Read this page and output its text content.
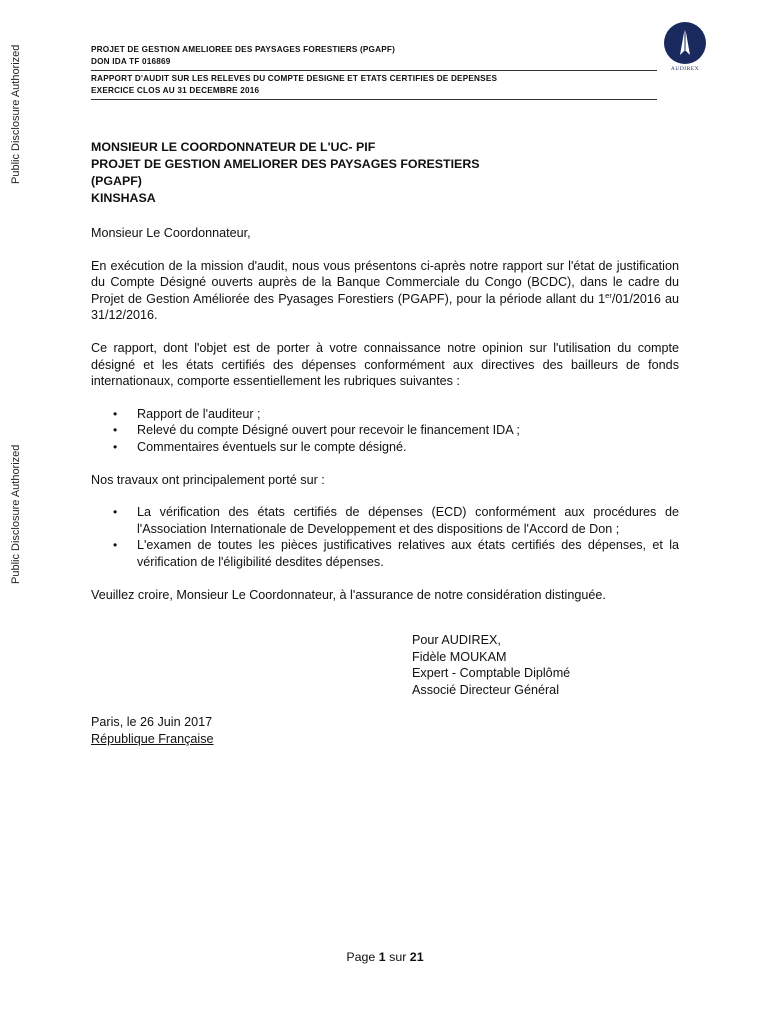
Public Disclosure Authorized
Public Disclosure Authorized
PROJET DE GESTION AMELIOREE DES PAYSAGES FORESTIERS (PGAPF)
DON IDA TF 016869
RAPPORT D'AUDIT SUR LES RELEVES DU COMPTE DESIGNE ET ETATS CERTIFIES DE DEPENSES
EXERCICE CLOS AU 31 DECEMBRE 2016
AUDIREX
MONSIEUR LE COORDONNATEUR DE L'UC- PIF
PROJET DE GESTION AMELIORER DES PAYSAGES FORESTIERS
(PGAPF)
KINSHASA

Monsieur Le Coordonnateur,

En exécution de la mission d'audit, nous vous présentons ci-après notre rapport sur l'état de justification du Compte Désigné ouverts auprès de la Banque Commerciale du Congo (BCDC), dans le cadre du Projet de Gestion Améliorée des Pyasages Forestiers (PGAPF), pour la période allant du 1er/01/2016 au 31/12/2016.

Ce rapport, dont l'objet est de porter à votre connaissance notre opinion sur l'utilisation du compte désigné et les états certifiés des dépenses conformément aux directives des bailleurs de fonds internationaux, comporte essentiellement les rubriques suivantes :

• Rapport de l'auditeur ;
• Relevé du compte Désigné ouvert pour recevoir le financement IDA ;
• Commentaires éventuels sur le compte désigné.

Nos travaux ont principalement porté sur :

• La vérification des états certifiés de dépenses (ECD) conformément aux procédures de l'Association Internationale de Developpement et des dispositions de l'Accord de Don ;
• L'examen de toutes les pièces justificatives relatives aux états certifiés des dépenses, et la vérification de l'éligibilité desdites dépenses.

Veuillez croire, Monsieur Le Coordonnateur, à l'assurance de notre considération distinguée.

Pour AUDIREX,
Fidèle MOUKAM
Expert - Comptable Diplômé
Associé Directeur Général
Paris, le 26 Juin 2017
République Française
Page 1 sur 21
